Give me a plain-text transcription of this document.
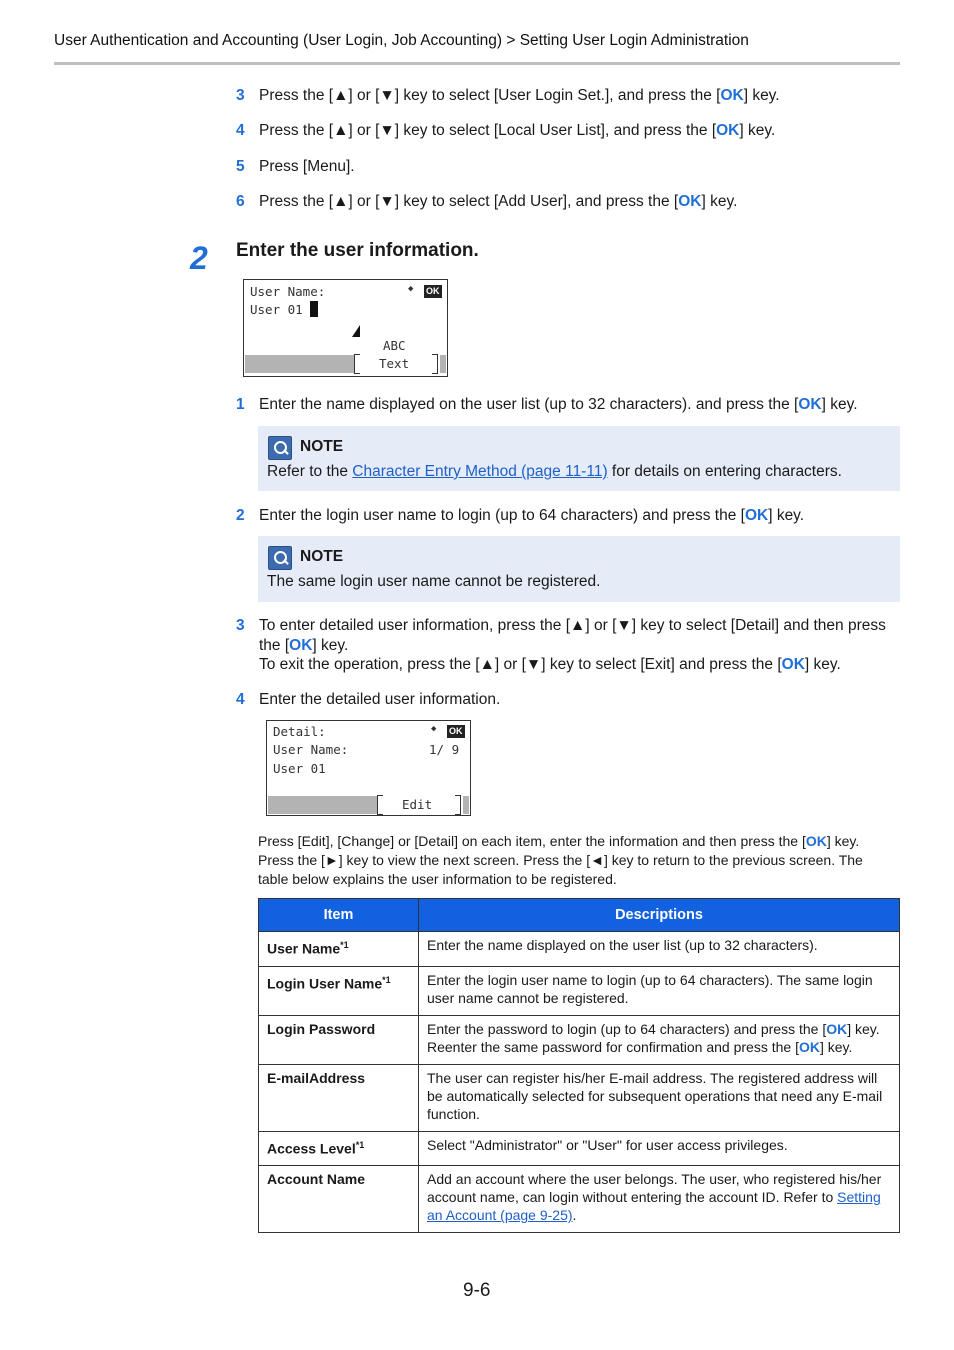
User Authentication and Accounting (User Login, Job Accounting) > Setting User Login Administration
3 Press the [▲] or [▼] key to select [User Login Set.], and press the [OK] key.
4 Press the [▲] or [▼] key to select [Local User List], and press the [OK] key.
5 Press [Menu].
6 Press the [▲] or [▼] key to select [Add User], and press the [OK] key.
2 Enter the user information.
User Name:	◆ OK
User 01
ABC
Text
1 Enter the name displayed on the user list (up to 32 characters). and press the [OK] key.
NOTE
Refer to the Character Entry Method (page 11-11) for details on entering characters.
2 Enter the login user name to login (up to 64 characters) and press the [OK] key.
NOTE
The same login user name cannot be registered.
3 To enter detailed user information, press the [▲] or [▼] key to select [Detail] and then press
the [OK] key.
To exit the operation, press the [▲] or [▼] key to select [Exit] and press the [OK] key.
4 Enter the detailed user information.
Detail:	◆ OK
User Name:	1/ 9
User 01
Edit
Press [Edit], [Change] or [Detail] on each item, enter the information and then press the [OK] key.
Press the [►] key to view the next screen. Press the [◄] key to return to the previous screen. The
table below explains the user information to be registered.
Item	Descriptions
User Name$^{*1}$	Enter the name displayed on the user list (up to 32 characters).
Login User Name$^{*1}$	Enter the login user name to login (up to 64 characters). The same login user name cannot be registered.
Login Password	Enter the password to login (up to 64 characters) and press the [OK] key. Reenter the same password for confirmation and press the [OK] key.
E-mailAddress	The user can register his/her E-mail address. The registered address will be automatically selected for subsequent operations that need any E-mail function.
Access Level$^{*1}$	Select "Administrator" or "User" for user access privileges.
Account Name	Add an account where the user belongs. The user, who registered his/her account name, can login without entering the account ID. Refer to Setting an Account (page 9-25).
9-6
